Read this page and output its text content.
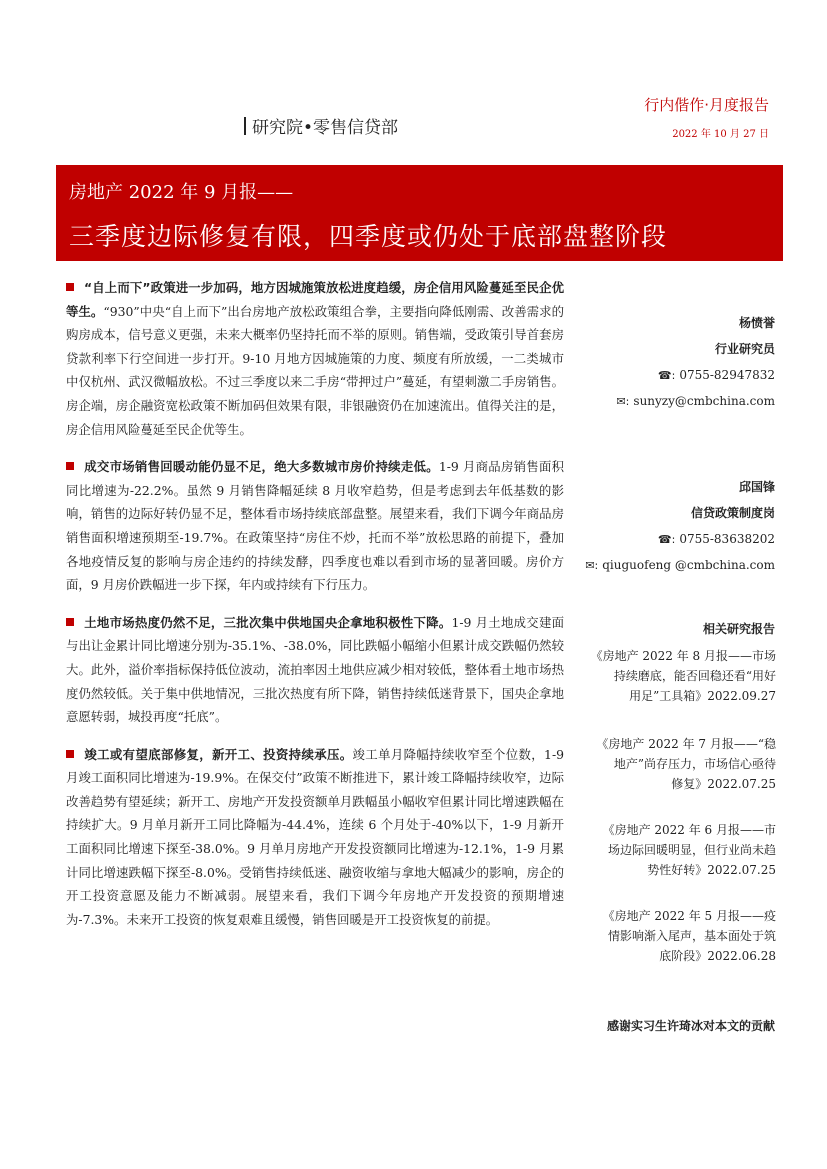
研究院•零售信贷部
行内偕作·月度报告
2022 年 10 月 27 日
房地产 2022 年 9 月报——
三季度边际修复有限，四季度或仍处于底部盘整阶段

“自上而下”政策进一步加码，地方因城施策放松进度趋缓，房企信用风险蔓延至民企优等生。“930”中央“自上而下”出台房地产放松政策组合拳，主要指向降低刚需、改善需求的购房成本，信号意义更强，未来大概率仍坚持托而不举的原则。销售端，受政策引导首套房贷款利率下行空间进一步打开。9-10 月地方因城施策的力度、频度有所放缓，一二类城市中仅杭州、武汉微幅放松。不过三季度以来二手房“带押过户”蔓延，有望刺激二手房销售。房企端，房企融资宽松政策不断加码但效果有限，非银融资仍在加速流出。值得关注的是，房企信用风险蔓延至民企优等生。

成交市场销售回暖动能仍显不足，绝大多数城市房价持续走低。1-9 月商品房销售面积同比增速为-22.2%。虽然 9 月销售降幅延续 8 月收窄趋势，但是考虑到去年低基数的影响，销售的边际好转仍显不足，整体看市场持续底部盘整。展望来看，我们下调今年商品房销售面积增速预期至-19.7%。在政策坚持“房住不炒，托而不举”放松思路的前提下，叠加各地疫情反复的影响与房企违约的持续发酵，四季度也难以看到市场的显著回暖。房价方面，9 月房价跌幅进一步下探，年内或持续有下行压力。

土地市场热度仍然不足，三批次集中供地国央企拿地积极性下降。1-9 月土地成交建面与出让金累计同比增速分别为-35.1%、-38.0%，同比跌幅小幅缩小但累计成交跌幅仍然较大。此外，溢价率指标保持低位波动，流拍率因土地供应减少相对较低，整体看土地市场热度仍然较低。关于集中供地情况，三批次热度有所下降，销售持续低迷背景下，国央企拿地意愿转弱，城投再度“托底”。

竣工或有望底部修复，新开工、投资持续承压。竣工单月降幅持续收窄至个位数，1-9 月竣工面积同比增速为-19.9%。在保交付”政策不断推进下，累计竣工降幅持续收窄，边际改善趋势有望延续；新开工、房地产开发投资额单月跌幅虽小幅收窄但累计同比增速跌幅在持续扩大。9 月单月新开工同比降幅为-44.4%，连续 6 个月处于-40%以下，1-9 月新开工面积同比增速下探至-38.0%。9 月单月房地产开发投资额同比增速为-12.1%，1-9 月累计同比增速跌幅下探至-8.0%。受销售持续低迷、融资收缩与拿地大幅减少的影响，房企的开工投资意愿及能力不断减弱。展望来看，我们下调今年房地产开发投资的预期增速为-7.3%。未来开工投资的恢复艰难且缓慢，销售回暖是开工投资恢复的前提。

杨愤誉
行业研究员
☎: 0755-82947832
✉: sunyzy@cmbchina.com
邱国锋
信贷政策制度岗
☎: 0755-83638202
✉: qiuguofeng @cmbchina.com
相关研究报告
《房地产 2022 年 8 月报——市场
持续磨底，能否回稳还看“用好
用足”工具箱》2022.09.27
《房地产 2022 年 7 月报——“稳
地产”尚存压力，市场信心亟待
修复》2022.07.25
《房地产 2022 年 6 月报——市
场边际回暖明显，但行业尚未趋
势性好转》2022.07.25
《房地产 2022 年 5 月报——疫
情影响渐入尾声，基本面处于筑
底阶段》2022.06.28
感谢实习生许琦冰对本文的贡献
